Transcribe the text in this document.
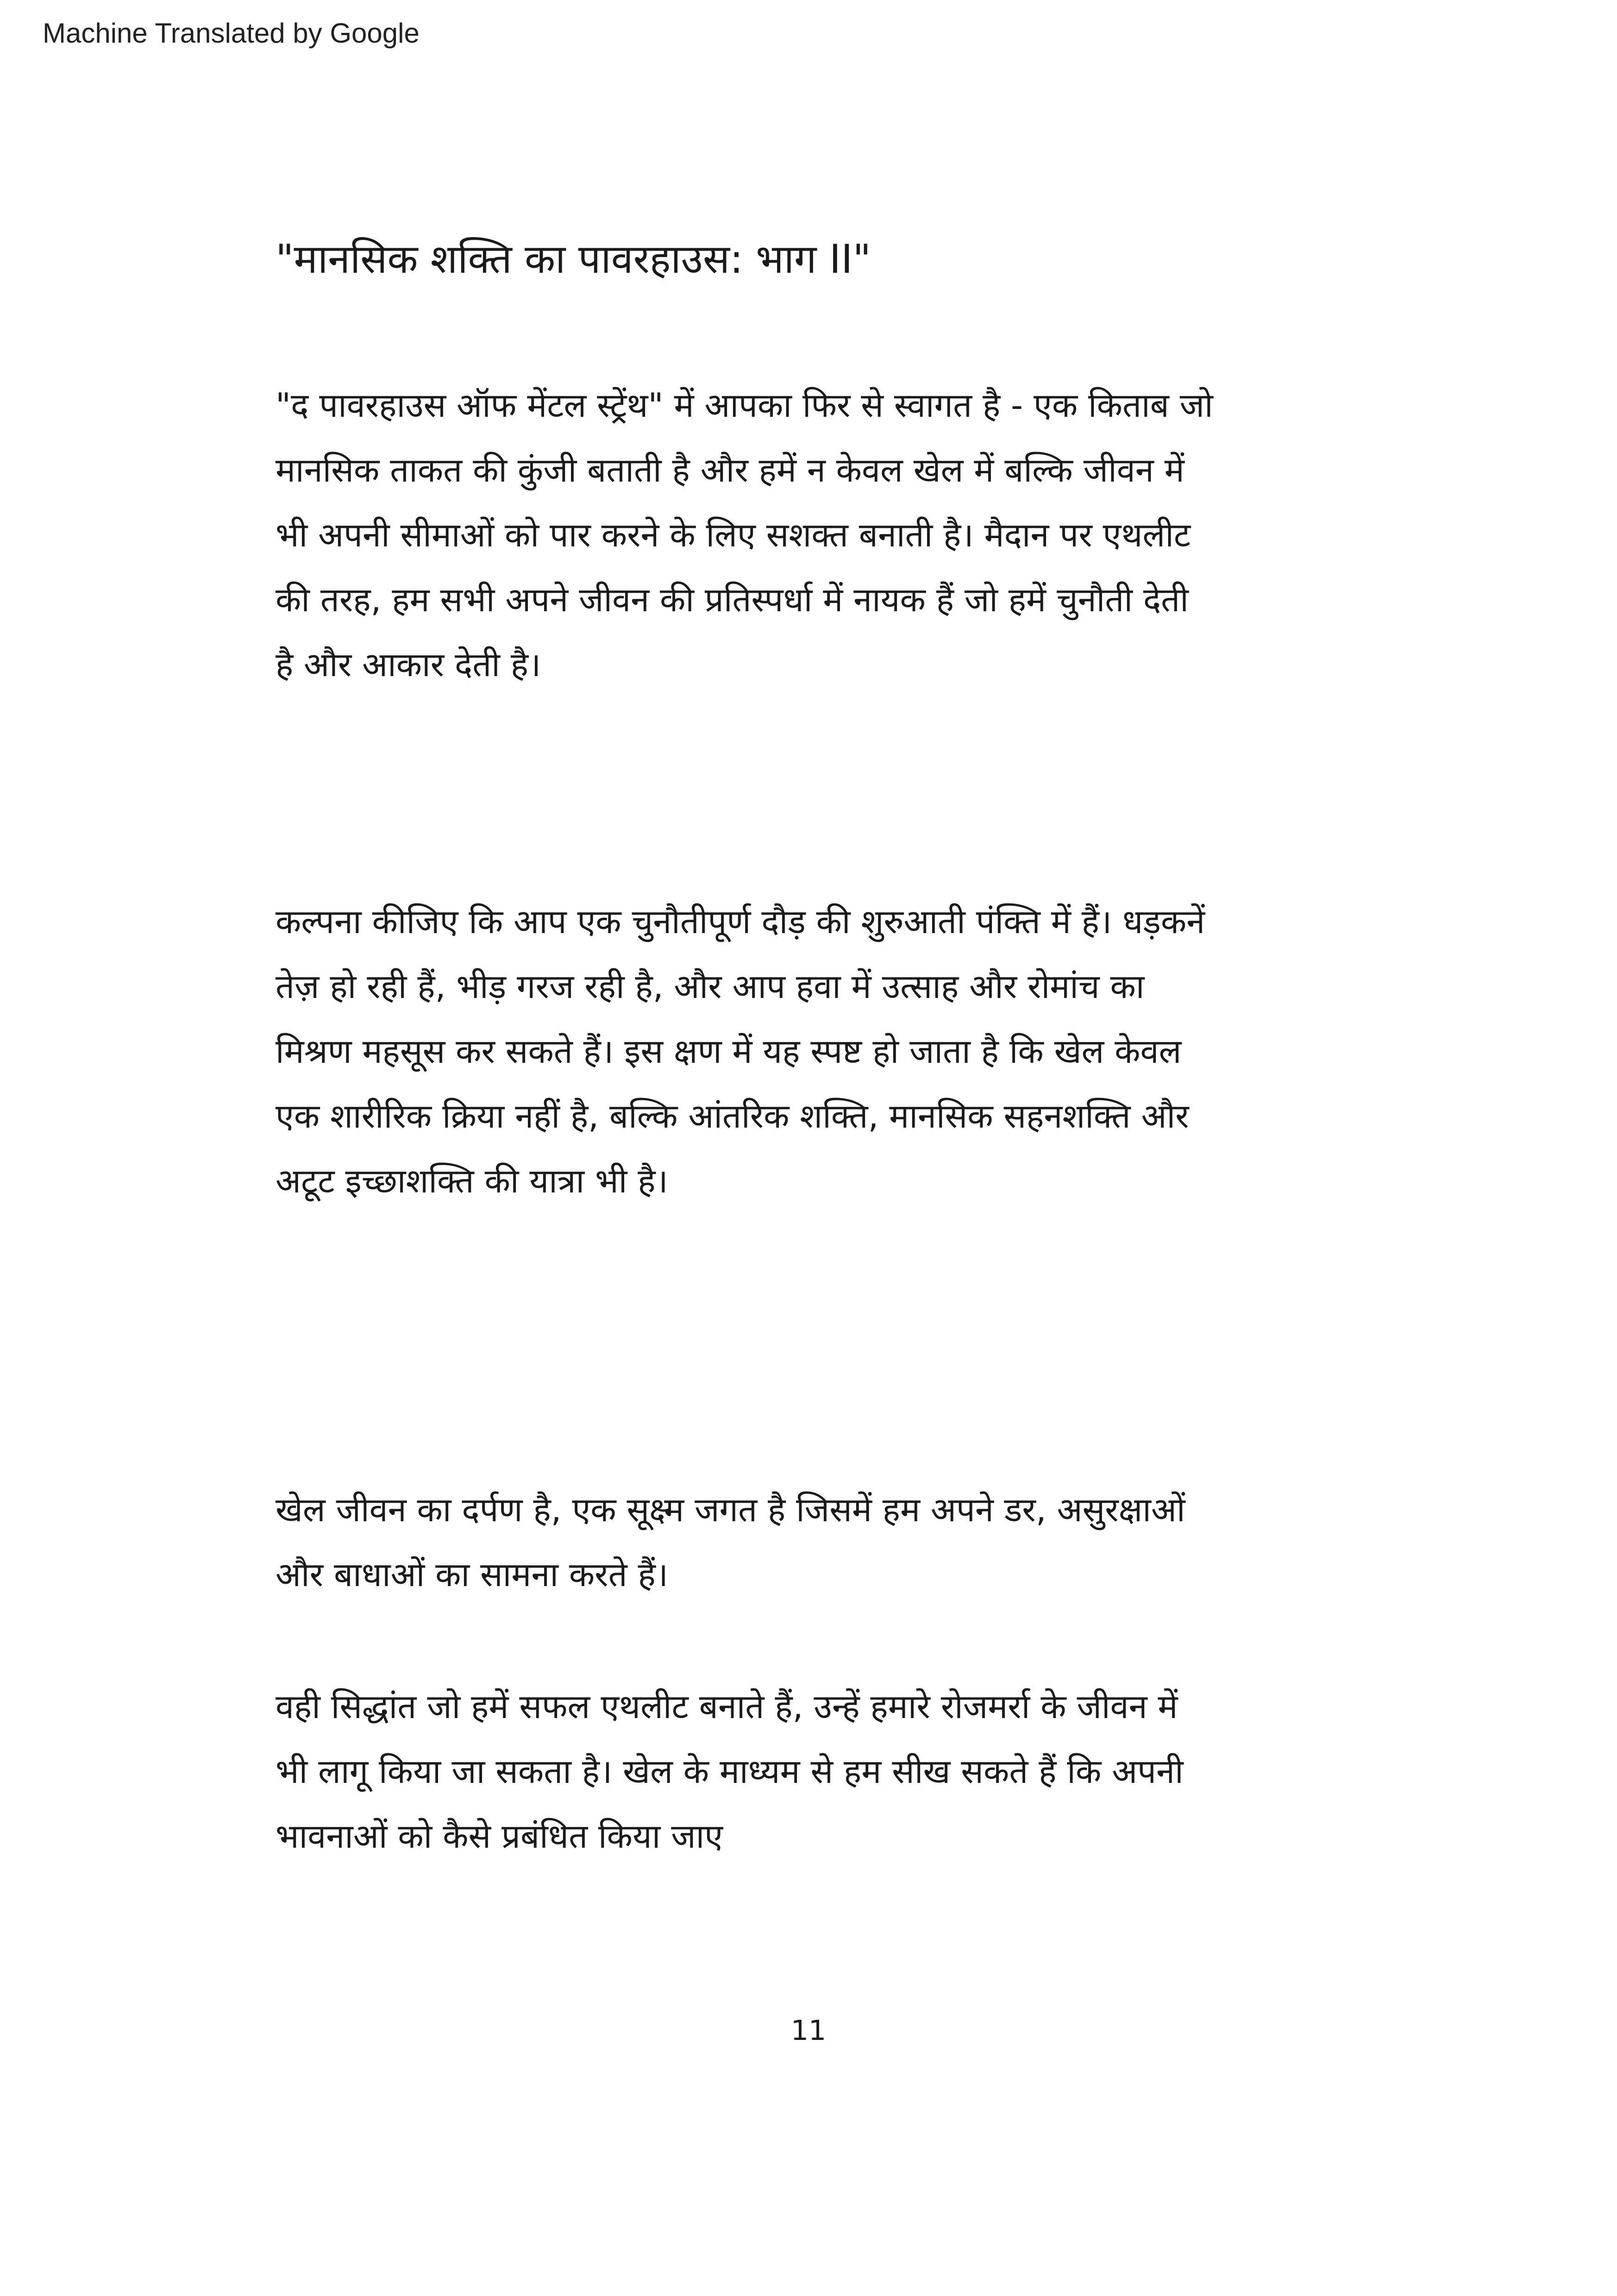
Machine Translated by Google
"मानसिक शक्ति का पावरहाउस: भाग II"
"द पावरहाउस ऑफ मेंटल स्ट्रेंथ" में आपका फिर से स्वागत है - एक किताब जो
मानसिक ताकत की कुंजी बताती है और हमें न केवल खेल में बल्कि जीवन में
भी अपनी सीमाओं को पार करने के लिए सशक्त बनाती है। मैदान पर एथलीट
की तरह, हम सभी अपने जीवन की प्रतिस्पर्धा में नायक हैं जो हमें चुनौती देती
है और आकार देती है।
कल्पना कीजिए कि आप एक चुनौतीपूर्ण दौड़ की शुरुआती पंक्ति में हैं। धड़कनें
तेज़ हो रही हैं, भीड़ गरज रही है, और आप हवा में उत्साह और रोमांच का
मिश्रण महसूस कर सकते हैं। इस क्षण में यह स्पष्ट हो जाता है कि खेल केवल
एक शारीरिक क्रिया नहीं है, बल्कि आंतरिक शक्ति, मानसिक सहनशक्ति और
अटूट इच्छाशक्ति की यात्रा भी है।
खेल जीवन का दर्पण है, एक सूक्ष्म जगत है जिसमें हम अपने डर, असुरक्षाओं
और बाधाओं का सामना करते हैं।
वही सिद्धांत जो हमें सफल एथलीट बनाते हैं, उन्हें हमारे रोजमर्रा के जीवन में
भी लागू किया जा सकता है। खेल के माध्यम से हम सीख सकते हैं कि अपनी
भावनाओं को कैसे प्रबंधित किया जाए
11
